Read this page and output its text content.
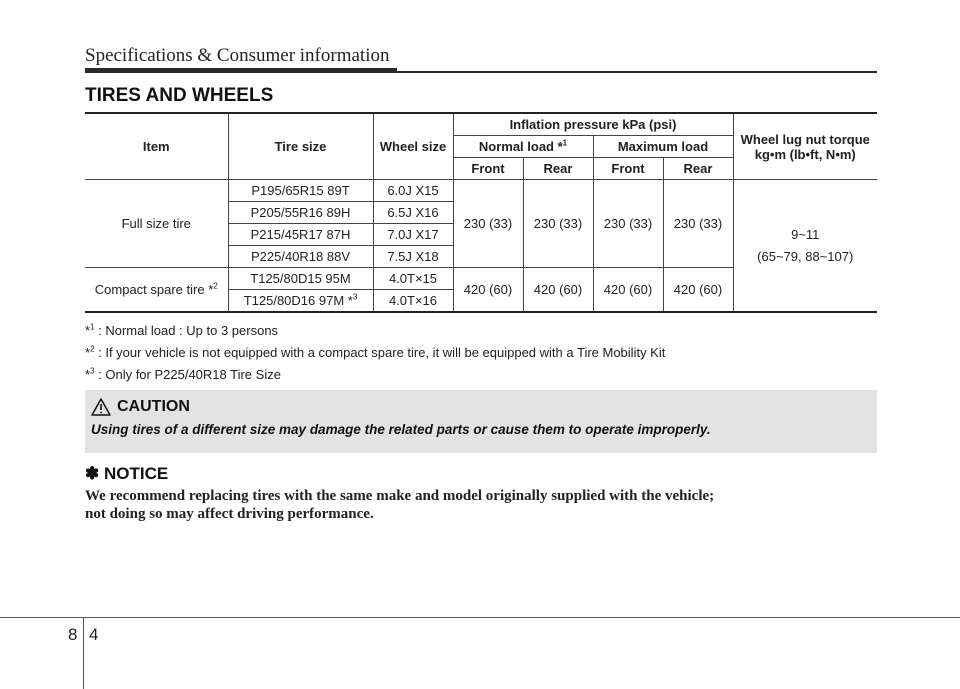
Specifications & Consumer information
TIRES AND WHEELS
Item	Tire size	Wheel size	Inflation pressure kPa (psi)				Wheel lug nut torque
kg•m (lb•ft, N•m)

			Normal load *$^1$		Maximum load		
			Front	Rear	Front	Rear	
Full size tire	P195/65R15 89T	6.0J X15	230 (33)	230 (33)	230 (33)	230 (33)	9~11
(65~79, 88~107)

	P205/55R16 89H	6.5J X16					
	P215/45R17 87H	7.0J X17					
	P225/40R18 88V	7.5J X18					
Compact spare tire *$^2$	T125/80D15 95M	4.0T×15	420 (60)	420 (60)	420 (60)	420 (60)	
	T125/80D16 97M *$^3$	4.0T×16					
*$^1$ : Normal load : Up to 3 persons
*$^2$ : If your vehicle is not equipped with a compact spare tire, it will be equipped with a Tire Mobility Kit
*$^3$ : Only for P225/40R18 Tire Size
CAUTION
Using tires of a different size may damage the related parts or cause them to operate improperly.
✽ NOTICE
We recommend replacing tires with the same make and model originally supplied with the vehicle;
not doing so may affect driving performance.
8 4
